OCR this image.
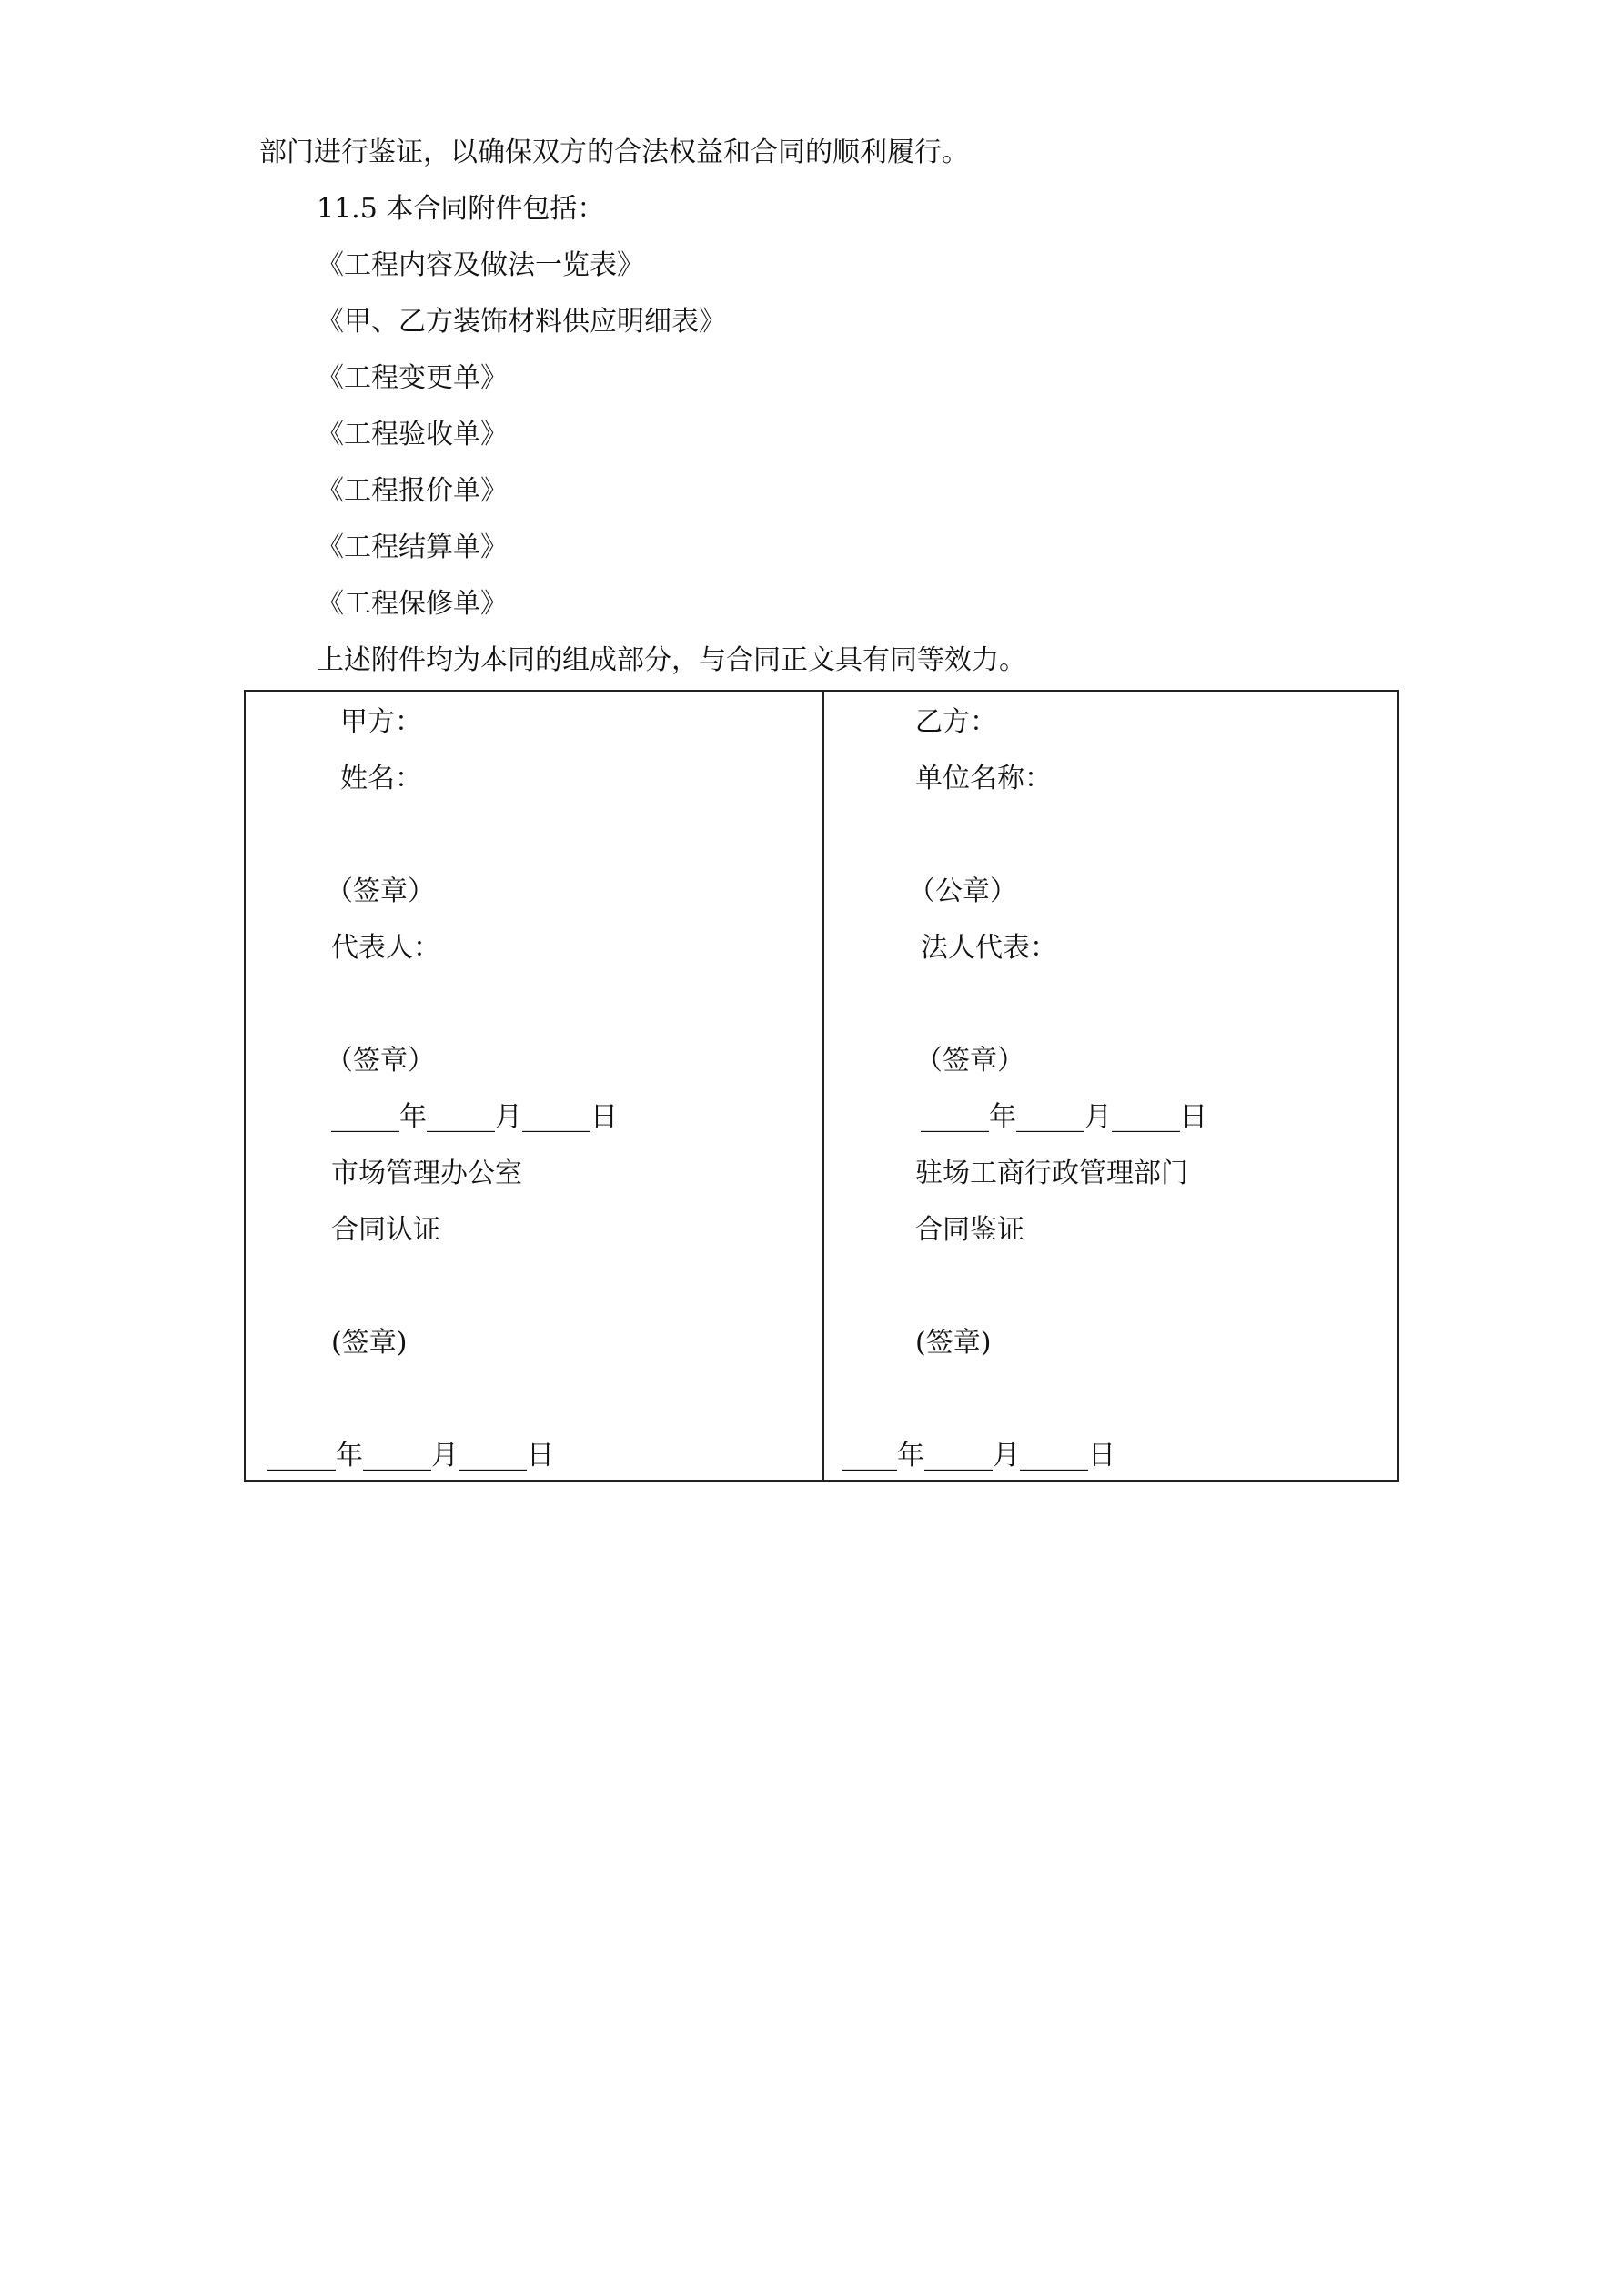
部门进行鉴证，以确保双方的合法权益和合同的顺利履行。
11.5 本合同附件包括：
《工程内容及做法一览表》
《甲、乙方装饰材料供应明细表》
《工程变更单》
《工程验收单》
《工程报价单》
《工程结算单》
《工程保修单》
上述附件均为本同的组成部分，与合同正文具有同等效力。
甲方：
姓名：
（签章）
代表人：
（签章）
_____年_____月_____日
市场管理办公室
合同认证
(签章)
_____年_____月_____日
乙方：
单位名称：
（公章）
法人代表：
（签章）
_____年_____月_____日
驻场工商行政管理部门
合同鉴证
(签章)
____年_____月_____日
